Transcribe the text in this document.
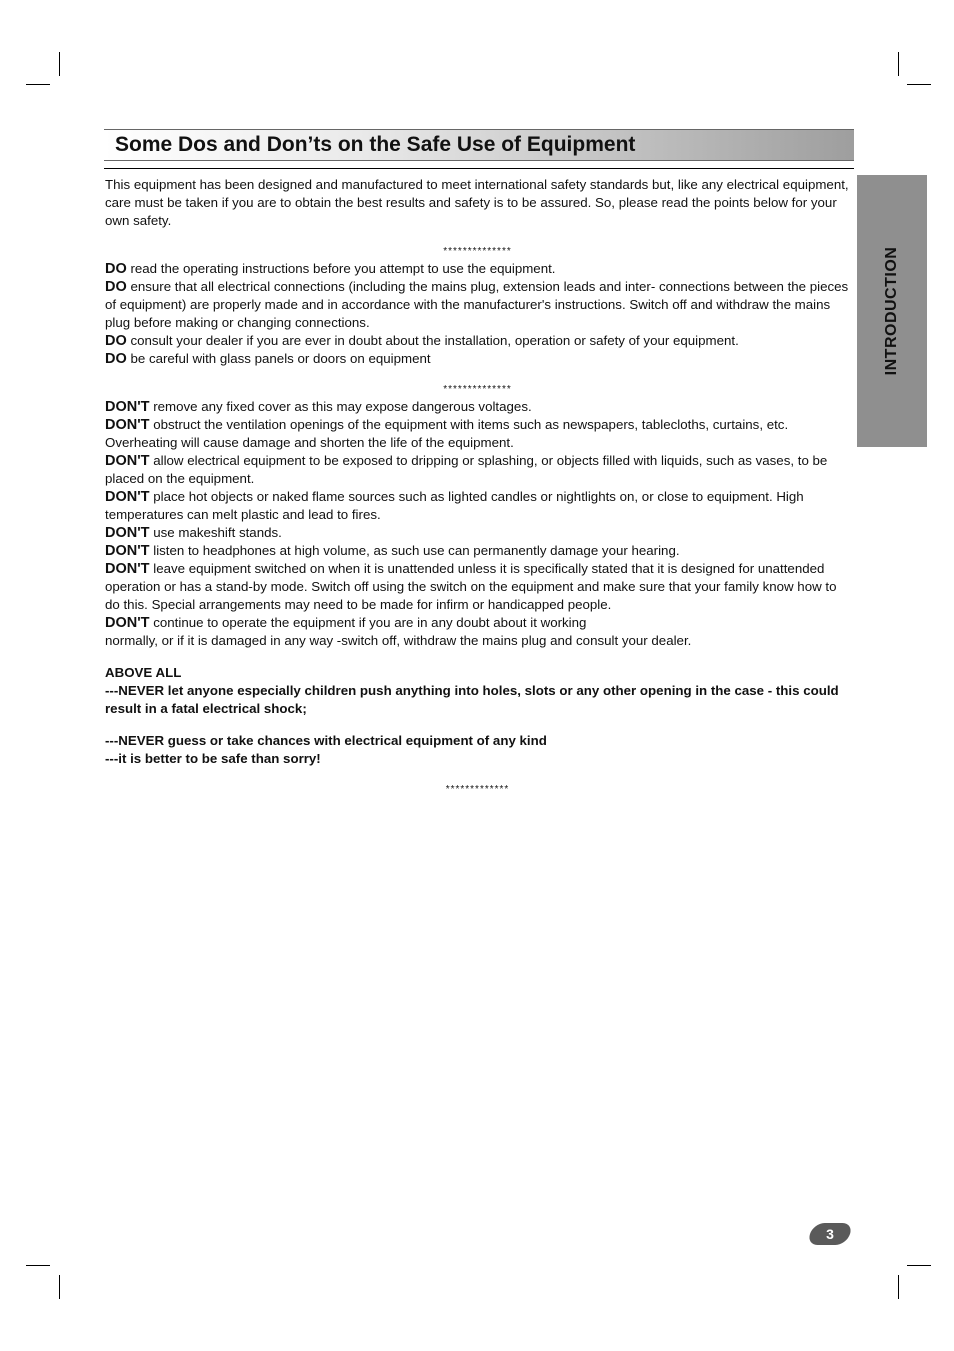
Some Dos and Don’ts on the Safe Use of Equipment
INTRODUCTION

This equipment has been designed and manufactured to meet international safety standards but, like any electrical equipment, care must be taken if you are to obtain the best results and safety is to be assured. So, please read the points below for your own safety.

**************

DO read the operating instructions before you attempt to use the equipment.

DO ensure that all electrical connections (including the mains plug, extension leads and inter- connections between the pieces of equipment) are properly made and in accordance with the manufacturer's instructions. Switch off and withdraw the mains plug before making or changing connections.

DO consult your dealer if you are ever in doubt about the installation, operation or safety of your equipment.

DO be careful with glass panels or doors on equipment

**************

DON'T remove any fixed cover as this may expose dangerous voltages.

DON'T obstruct the ventilation openings of the equipment with items such as newspapers, tablecloths, curtains, etc. Overheating will cause damage and shorten the life of the equipment.

DON'T allow electrical equipment to be exposed to dripping or splashing, or objects filled with liquids, such as vases, to be placed on the equipment.

DON'T place hot objects or naked flame sources such as lighted candles or nightlights on, or close to equipment. High temperatures can melt plastic and lead to fires.

DON'T use makeshift stands.

DON'T listen to headphones at high volume, as such use can permanently damage your hearing.

DON'T leave equipment switched on when it is unattended unless it is specifically stated that it is designed for unattended operation or has a stand-by mode. Switch off using the switch on the equipment and make sure that your family know how to do this. Special arrangements may need to be made for infirm or handicapped people.

DON'T continue to operate the equipment if you are in any doubt about it working

normally, or if it is damaged in any way -switch off, withdraw the mains plug and consult your dealer.

ABOVE ALL

---NEVER let anyone especially children push anything into holes, slots or any other opening in the case - this could result in a fatal electrical shock;

---NEVER guess or take chances with electrical equipment of any kind

---it is better to be safe than sorry!

*************

3
